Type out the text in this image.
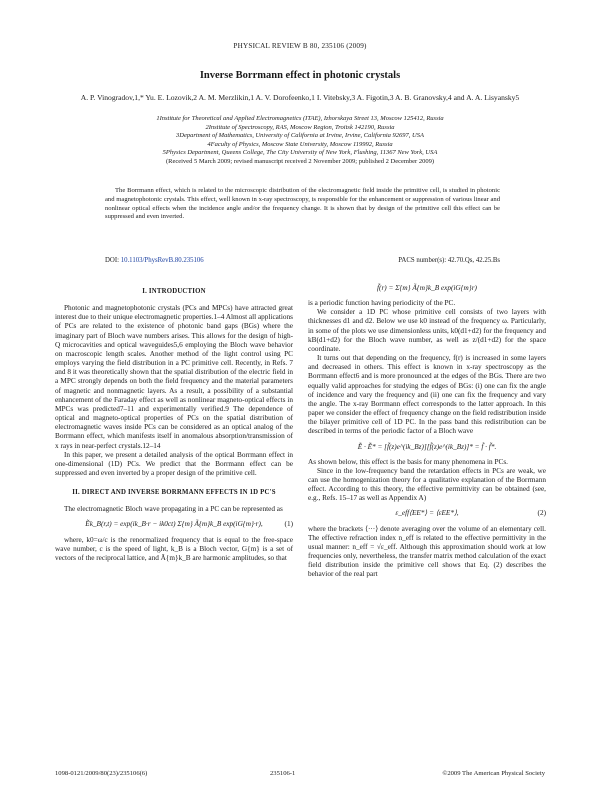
PHYSICAL REVIEW B 80, 235106 (2009)
Inverse Borrmann effect in photonic crystals
A. P. Vinogradov,1,* Yu. E. Lozovik,2 A. M. Merzlikin,1 A. V. Dorofeenko,1 I. Vitebsky,3 A. Figotin,3 A. B. Granovsky,4 and A. A. Lisyansky5
1Institute for Theoretical and Applied Electromagnetics (ITAE), Izhorskaya Street 13, Moscow 125412, Russia
2Institute of Spectroscopy, RAS, Moscow Region, Troitsk 142190, Russia
3Department of Mathematics, University of California at Irvine, Irvine, California 92697, USA
4Faculty of Physics, Moscow State University, Moscow 119992, Russia
5Physics Department, Queens College, The City University of New York, Flushing, 11367 New York, USA
(Received 5 March 2009; revised manuscript received 2 November 2009; published 2 December 2009)
The Borrmann effect, which is related to the microscopic distribution of the electromagnetic field inside the primitive cell, is studied in photonic and magnetophotonic crystals. This effect, well known in x-ray spectroscopy, is responsible for the enhancement or suppression of various linear and nonlinear optical effects when the incidence angle and/or the frequency change. It is shown that by design of the primitive cell this effect can be suppressed and even inverted.
DOI: 10.1103/PhysRevB.80.235106	PACS number(s): 42.70.Qs, 42.25.Bs
I. INTRODUCTION

Photonic and magnetophotonic crystals (PCs and MPCs) have attracted great interest due to their unique electromagnetic properties.1–4 Almost all applications of PCs are related to the existence of photonic band gaps (BGs) where the imaginary part of Bloch wave numbers arises. This allows for the design of high-Q microcavities and optical waveguides5,6 employing the Bloch wave behavior on macroscopic length scales. Another method of the light control using PC employs varying the field distribution in a PC primitive cell. Recently, in Refs. 7 and 8 it was theoretically shown that the spatial distribution of the electric field in a MPC strongly depends on both the field frequency and the material parameters of magnetic and nonmagnetic layers. As a result, a possibility of a substantial enhancement of the Faraday effect as well as nonlinear magneto-optical effects in MPCs was predicted7–11 and experimentally verified.9 The dependence of optical and magneto-optical properties of PCs on the spatial distribution of electromagnetic waves inside PCs can be considered as an optical analog of the Borrmann effect, which manifests itself in anomalous absorption/transmission of x rays in near-perfect crystals.12–14

In this paper, we present a detailed analysis of the optical Borrmann effect in one-dimensional (1D) PCs. We predict that the Borrmann effect can be suppressed and even inverted by a proper design of the primitive cell.

II. DIRECT AND INVERSE BORRMANN EFFECTS IN 1D PC'S

The electromagnetic Bloch wave propagating in a PC can be represented as

Ẽk_B(r,t) = exp(ik_B·r − ik0ct) Σ{m} Ã{m}k_B exp(iG{m}·r),	(1)

where, k0=ω/c is the renormalized frequency that is equal to the free-space wave number, c is the speed of light, k_B is a Bloch vector, G{m} is a set of vectors of the reciprocal lattice, and Ã{m}k_B are harmonic amplitudes, so that

f̃(r) = Σ{m} Ã{m}k_B exp(iG{m}r)

is a periodic function having periodicity of the PC.

We consider a 1D PC whose primitive cell consists of two layers with thicknesses d1 and d2. Below we use k0 instead of the frequency ω. Particularly, in some of the plots we use dimensionless units, k0(d1+d2) for the frequency and kB(d1+d2) for the Bloch wave number, as well as z/(d1+d2) for the space coordinate.

It turns out that depending on the frequency, f(r) is increased in some layers and decreased in others. This effect is known in x-ray spectroscopy as the Borrmann effect6 and is more pronounced at the edges of the BGs. There are two equally valid approaches for studying the edges of BGs: (i) one can fix the angle of incidence and vary the frequency and (ii) one can fix the frequency and vary the angle. The x-ray Borrmann effect corresponds to the latter approach. In this paper we consider the effect of frequency change on the field redistribution inside the bilayer primitive cell of 1D PC. In the pass band this redistribution can be described in terms of the periodic factor of a Bloch wave

Ẽ · Ẽ* = [f̃(z)e^(ik_Bz)][f̃(z)e^(ik_Bz)]* = f̃ · f̃*.

As shown below, this effect is the basis for many phenomena in PCs.

Since in the low-frequency band the retardation effects in PCs are weak, we can use the homogenization theory for a qualitative explanation of the Borrmann effect. According to this theory, the effective permittivity can be obtained (see, e.g., Refs. 15–17 as well as Appendix A)

ε_eff⟨EE*⟩ = ⟨εEE*⟩,	(2)

where the brackets ⟨···⟩ denote averaging over the volume of an elementary cell. The effective refraction index n_eff is related to the effective permittivity in the usual manner: n_eff = √ε_eff. Although this approximation should work at low frequencies only, nevertheless, the transfer matrix method calculation of the exact field distribution inside the primitive cell shows that Eq. (2) describes the behavior of the real part

1098-0121/2009/80(23)/235106(6)	235106-1	©2009 The American Physical Society
